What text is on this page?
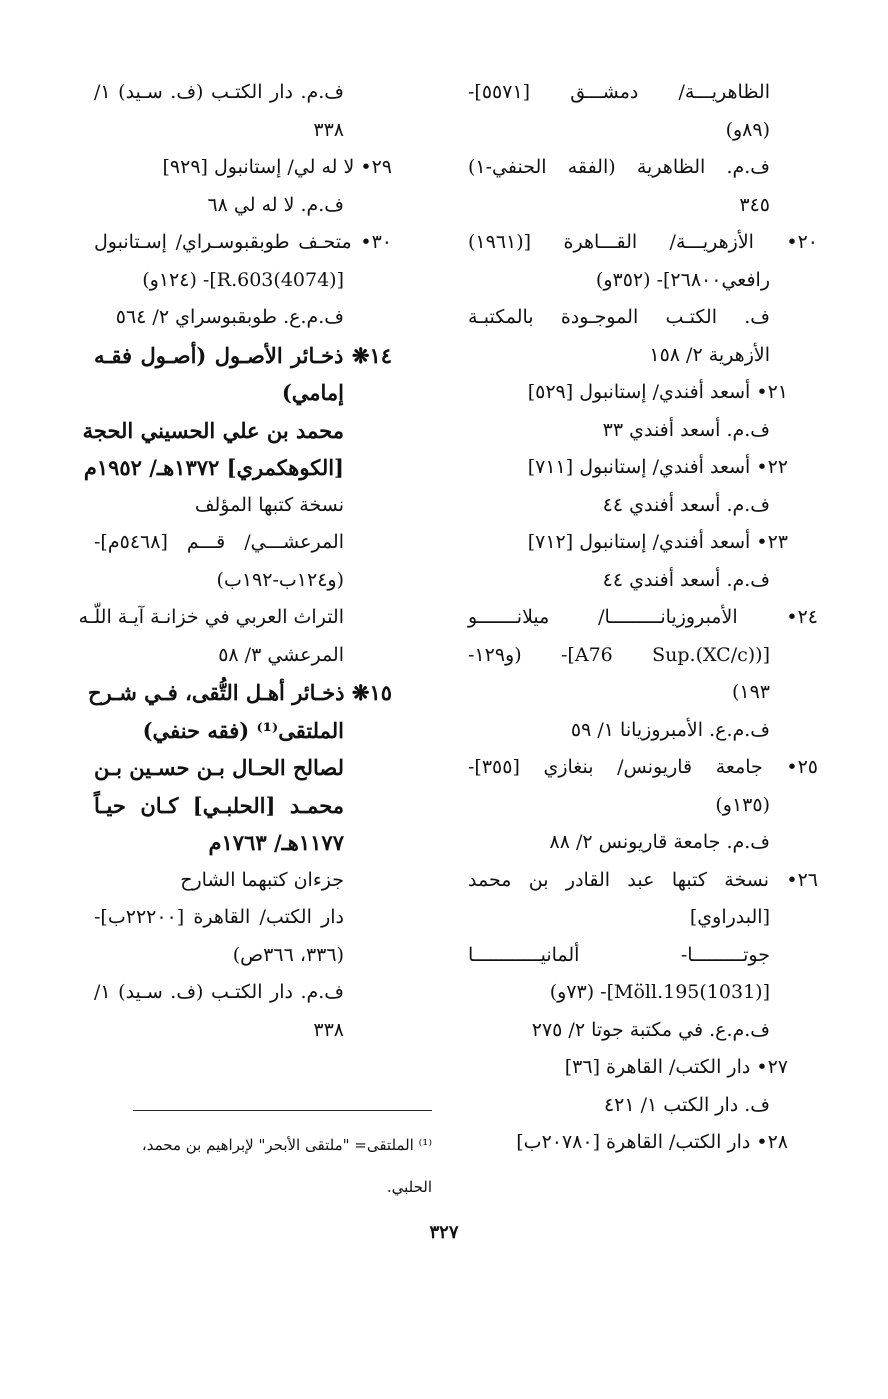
الظاهريـــة/ دمشـــق [٥٥٧١]-
(٨٩و)
ف.م. الظاهرية (الفقه الحنفي-١)
٣٤٥
٢٠• الأزهريـــة/ القـــاهرة [(١٩٦١)
رافعي٢٦٨٠٠]- (٣٥٢و)
ف. الكتـب الموجـودة بالمكتبـة
الأزهرية ٢/ ١٥٨
٢١• أسعد أفندي/ إستانبول [٥٢٩]
ف.م. أسعد أفندي ٣٣
٢٢• أسعد أفندي/ إستانبول [٧١١]
ف.م. أسعد أفندي ٤٤
٢٣• أسعد أفندي/ إستانبول [٧١٢]
ف.م. أسعد أفندي ٤٤
٢٤• الأمبروزيانـــــــــا/ ميلانـــــــو
[(A76 Sup.(XC/c)]- (و١٢٩-
١٩٣)
ف.م.ع. الأمبروزيانا ١/ ٥٩
٢٥• جامعة قاريونس/ بنغازي [٣٥٥]-
(١٣٥و)
ف.م. جامعة قاريونس ٢/ ٨٨
٢٦• نسخة كتبها عبد القادر بن محمد
[البدراوي]
جوتـــــــــا- ألمانيــــــــــــا
[(1031)Möll.195]- (٧٣و)
ف.م.ع. في مكتبة جوتا ٢/ ٢٧٥
٢٧• دار الكتب/ القاهرة [٣٦]
ف. دار الكتب ١/ ٤٢١
٢٨• دار الكتب/ القاهرة [٢٠٧٨٠ب]
ف.م. دار الكتـب (ف. سـيد) ١/
٣٣٨
٢٩• لا له لي/ إستانبول [٩٢٩]
ف.م. لا له لي ٦٨
٣٠• متحـف طوبقبوسـراي/ إسـتانبول
[(4074)R.603]- (١٢٤و)
ف.م.ع. طوبقبوسراي ٢/ ٥٦٤
١٤❋ ذخـائر الأصـول (أصـول فقـه
إمامي)
محمد بن علي الحسيني الحجة
[الكوهكمري] ١٣٧٢هـ/ ١٩٥٢م
نسخة كتبها المؤلف
المرعشـــي/ قـــم [٥٤٦٨م]-
(و١٢٤ب-١٩٢ب)
التراث العربي في خزانـة آيـة اللّـه
المرعشي ٣/ ٥٨
١٥❋ ذخـائر أهـل التُّقى، فـي شـرح
الملتقى⁽¹⁾ (فقه حنفي)
لصالح الحـال بـن حسـين بـن
محمـد [الحلبـي] كـان حيـاً
١١٧٧هـ/ ١٧٦٣م
جزءان كتبهما الشارح
دار الكتب/ القاهرة [٢٢٢٠٠ب]-
(٣٣٦، ٣٦٦ص)
ف.م. دار الكتـب (ف. سـيد) ١/
٣٣٨
⁽¹⁾ الملتقى= "ملتقى الأبحر" لإبراهيم بن محمد،
الحلبي.
٣٢٧
